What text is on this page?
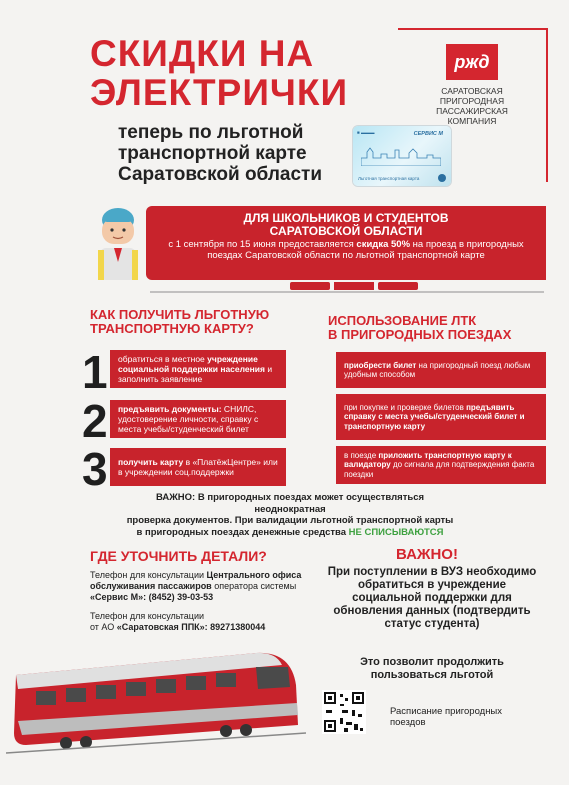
СКИДКИ НА
ЭЛЕКТРИЧКИ
теперь по льготной
транспортной карте
Саратовской области
ржд
САРАТОВСКАЯ
ПРИГОРОДНАЯ
ПАССАЖИРСКАЯ
КОМПАНИЯ
■ ▬▬▬	СЕРВИС М
Льготная транспортная карта
ДЛЯ ШКОЛЬНИКОВ И СТУДЕНТОВ
САРАТОВСКОЙ ОБЛАСТИ
с 1 сентября по 15 июня предоставляется скидка 50% на проезд в пригородных поездах Саратовской области по льготной транспортной карте
КАК ПОЛУЧИТЬ ЛЬГОТНУЮ
ТРАНСПОРТНУЮ КАРТУ?
1 обратиться в местное учреждение социальной поддержки населения и заполнить заявление
2 предъявить документы: СНИЛС, удостоверение личности, справку с места учебы/студенческий билет
3 получить карту в «ПлатёжЦентре» или в учреждении соц.поддержки
ИСПОЛЬЗОВАНИЕ ЛТК
В ПРИГОРОДНЫХ ПОЕЗДАХ
приобрести билет на пригородный поезд любым удобным способом
при покупке и проверке билетов предъявить справку с места учебы/студенческий билет и транспортную карту
в поезде приложить транспортную карту к валидатору до сигнала для подтверждения факта поездки
ВАЖНО: В пригородных поездах может осуществляться неоднократная
проверка документов. При валидации льготной транспортной карты
в пригородных поездах денежные средства НЕ СПИСЫВАЮТСЯ
ГДЕ УТОЧНИТЬ ДЕТАЛИ?
Телефон для консультации Центрального офиса обслуживания пассажиров оператора системы «Сервис М»: (8452) 39-03-53
Телефон для консультации
от АО «Саратовская ППК»: 89271380044
ВАЖНО!
При поступлении в ВУЗ необходимо обратиться в учреждение социальной поддержки для обновления данных (подтвердить статус студента)
Это позволит продолжить пользоваться льготой
Расписание пригородных поездов
